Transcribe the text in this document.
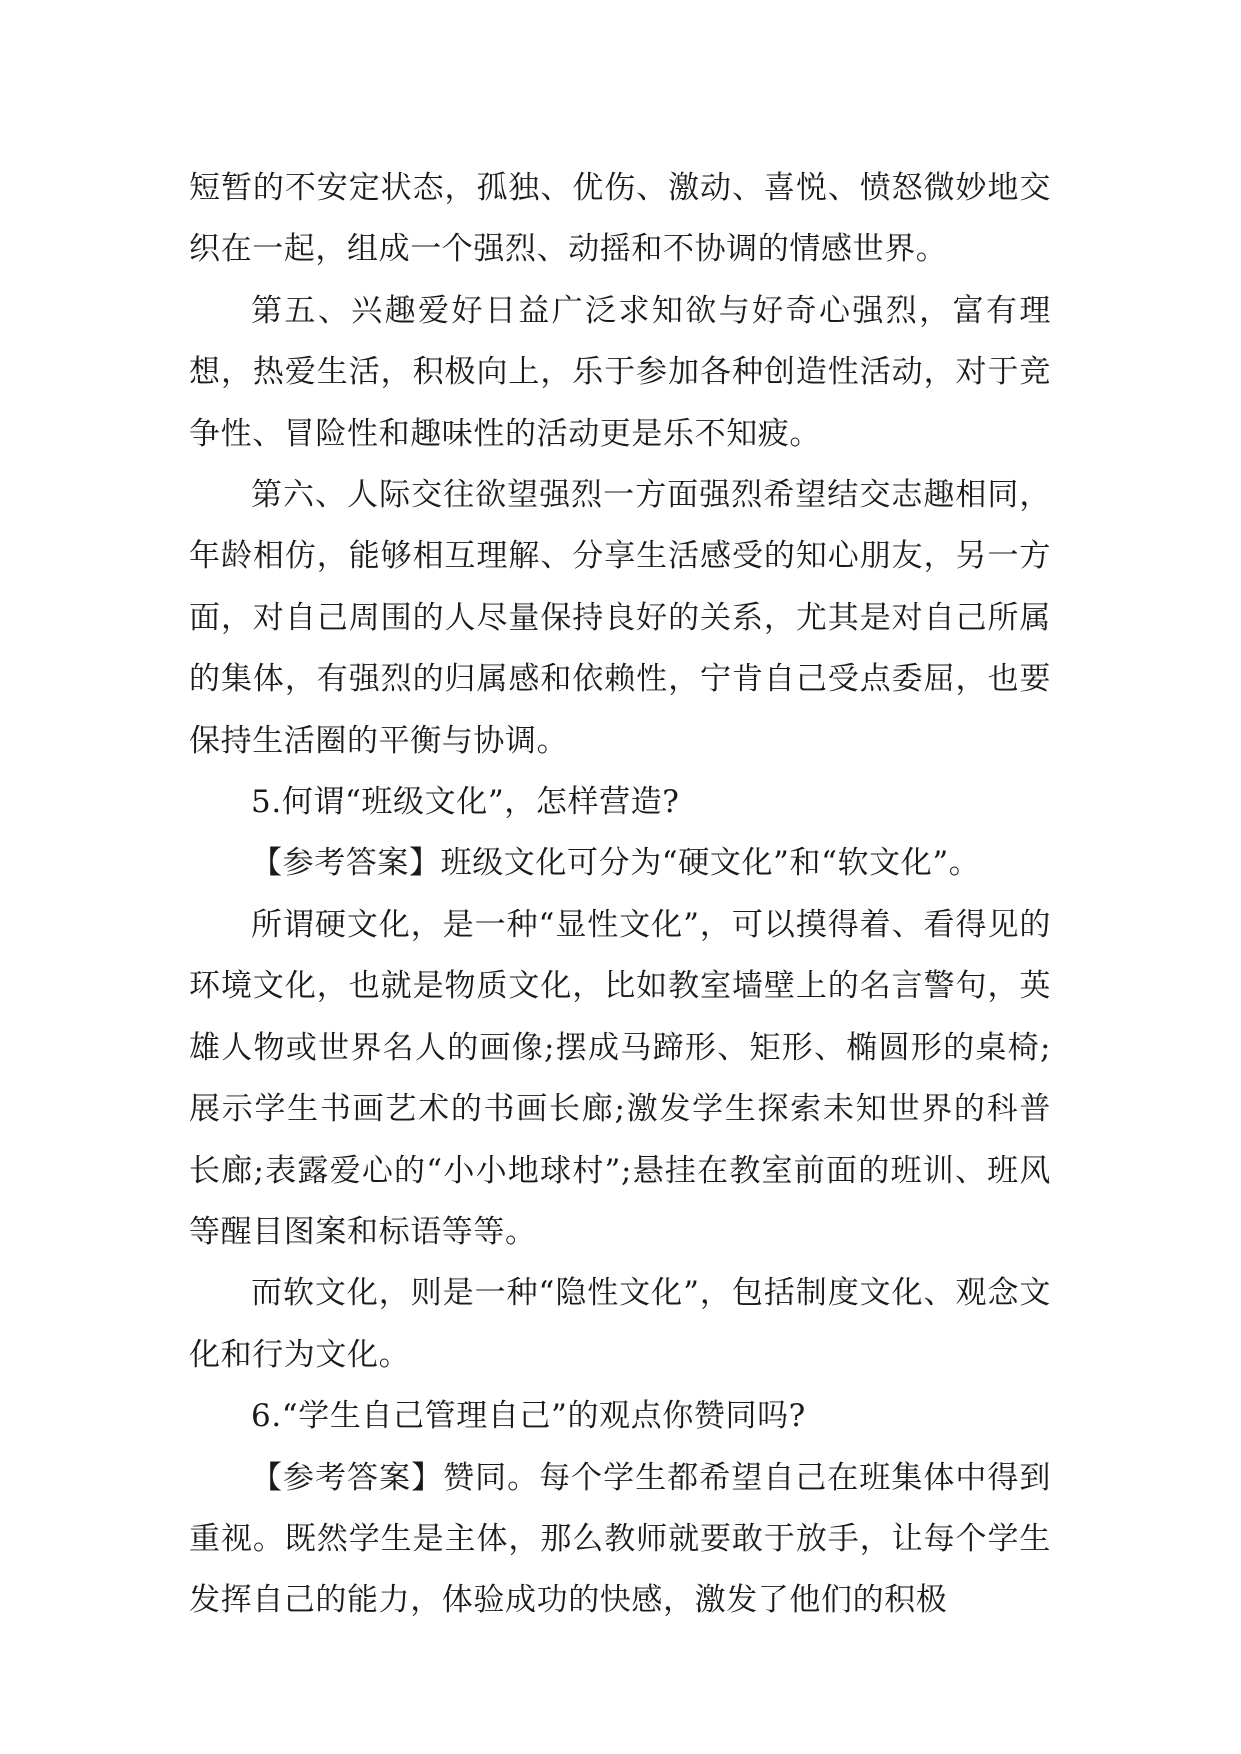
短暂的不安定状态，孤独、优伤、激动、喜悦、愤怒微妙地交织在一起，组成一个强烈、动摇和不协调的情感世界。

第五、兴趣爱好日益广泛求知欲与好奇心强烈，富有理想，热爱生活，积极向上，乐于参加各种创造性活动，对于竞争性、冒险性和趣味性的活动更是乐不知疲。

第六、人际交往欲望强烈一方面强烈希望结交志趣相同，年龄相仿，能够相互理解、分享生活感受的知心朋友，另一方面，对自己周围的人尽量保持良好的关系，尤其是对自己所属的集体，有强烈的归属感和依赖性，宁肯自己受点委屈，也要保持生活圈的平衡与协调。

5.何谓“班级文化”，怎样营造?

【参考答案】班级文化可分为“硬文化”和“软文化”。

所谓硬文化，是一种“显性文化”，可以摸得着、看得见的环境文化，也就是物质文化，比如教室墙壁上的名言警句，英雄人物或世界名人的画像;摆成马蹄形、矩形、椭圆形的桌椅;展示学生书画艺术的书画长廊;激发学生探索未知世界的科普长廊;表露爱心的“小小地球村”;悬挂在教室前面的班训、班风等醒目图案和标语等等。

而软文化，则是一种“隐性文化”，包括制度文化、观念文化和行为文化。

6.“学生自己管理自己”的观点你赞同吗?

【参考答案】赞同。每个学生都希望自己在班集体中得到重视。既然学生是主体，那么教师就要敢于放手，让每个学生发挥自己的能力，体验成功的快感，激发了他们的积极
